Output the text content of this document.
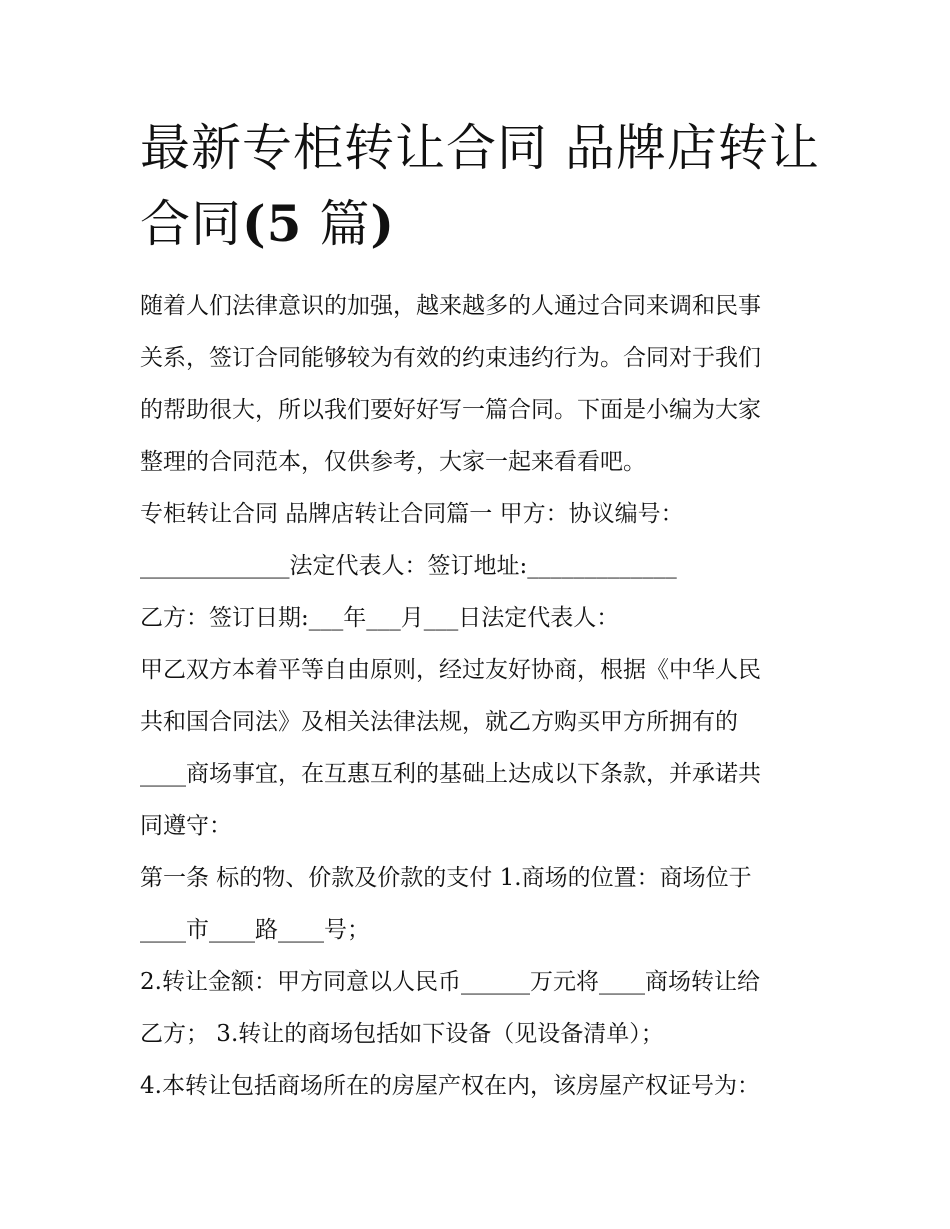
最新专柜转让合同 品牌店转让
合同(5 篇)

随着人们法律意识的加强，越来越多的人通过合同来调和民事

关系，签订合同能够较为有效的约束违约行为。合同对于我们

的帮助很大，所以我们要好好写一篇合同。下面是小编为大家

整理的合同范本，仅供参考，大家一起来看看吧。

专柜转让合同 品牌店转让合同篇一 甲方：协议编号：

_____________法定代表人：签订地址:_____________

乙方：签订日期:___年___月___日法定代表人：

甲乙双方本着平等自由原则，经过友好协商，根据《中华人民

共和国合同法》及相关法律法规，就乙方购买甲方所拥有的

____商场事宜，在互惠互利的基础上达成以下条款，并承诺共

同遵守：

第一条 标的物、价款及价款的支付 1.商场的位置：商场位于

____市____路____号；

2.转让金额：甲方同意以人民币______万元将____商场转让给

乙方； 3.转让的商场包括如下设备（见设备清单）；

4.本转让包括商场所在的房屋产权在内，该房屋产权证号为：
